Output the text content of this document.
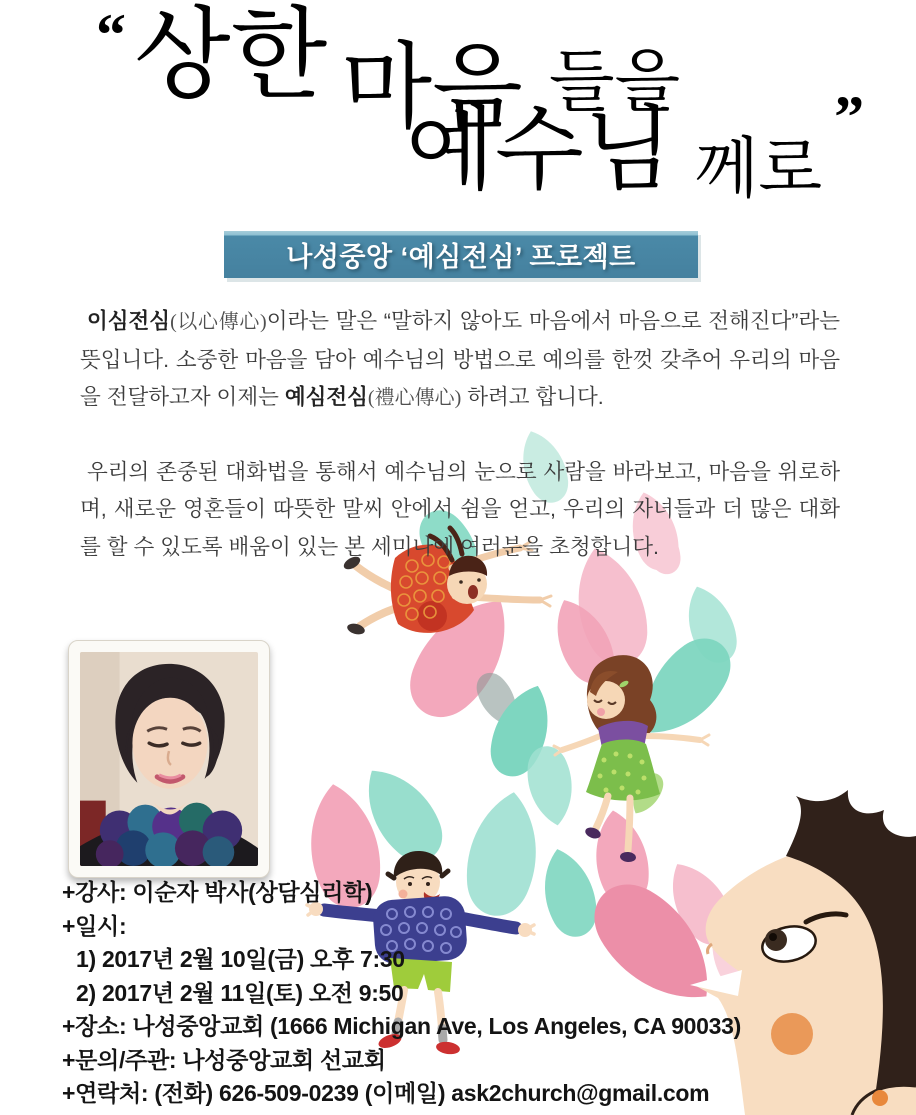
“ 상한 마음 들을
예수님 께로 ”
나성중앙 ‘예심전심’ 프로젝트

이심전심(以心傳心)이라는 말은 “말하지 않아도 마음에서 마음으로 전해진다”라는 뜻입니다. 소중한 마음을 담아 예수님의 방법으로 예의를 한껏 갖추어 우리의 마음을 전달하고자 이제는 예심전심(禮心傳心) 하려고 합니다.

우리의 존중된 대화법을 통해서 예수님의 눈으로 사람을 바라보고, 마음을 위로하며, 새로운 영혼들이 따뜻한 말씨 안에서 쉼을 얻고, 우리의 자녀들과 더 많은 대화를 할 수 있도록 배움이 있는 본 세미나에 여러분을 초청합니다.

+강사: 이순자 박사(상담심리학)
+일시:
1) 2017년 2월 10일(금) 오후 7:30
2) 2017년 2월 11일(토) 오전 9:50
+장소: 나성중앙교회 (1666 Michigan Ave, Los Angeles, CA 90033)
+문의/주관: 나성중앙교회 선교회
+연락처: (전화) 626-509-0239 (이메일) ask2church@gmail.com
